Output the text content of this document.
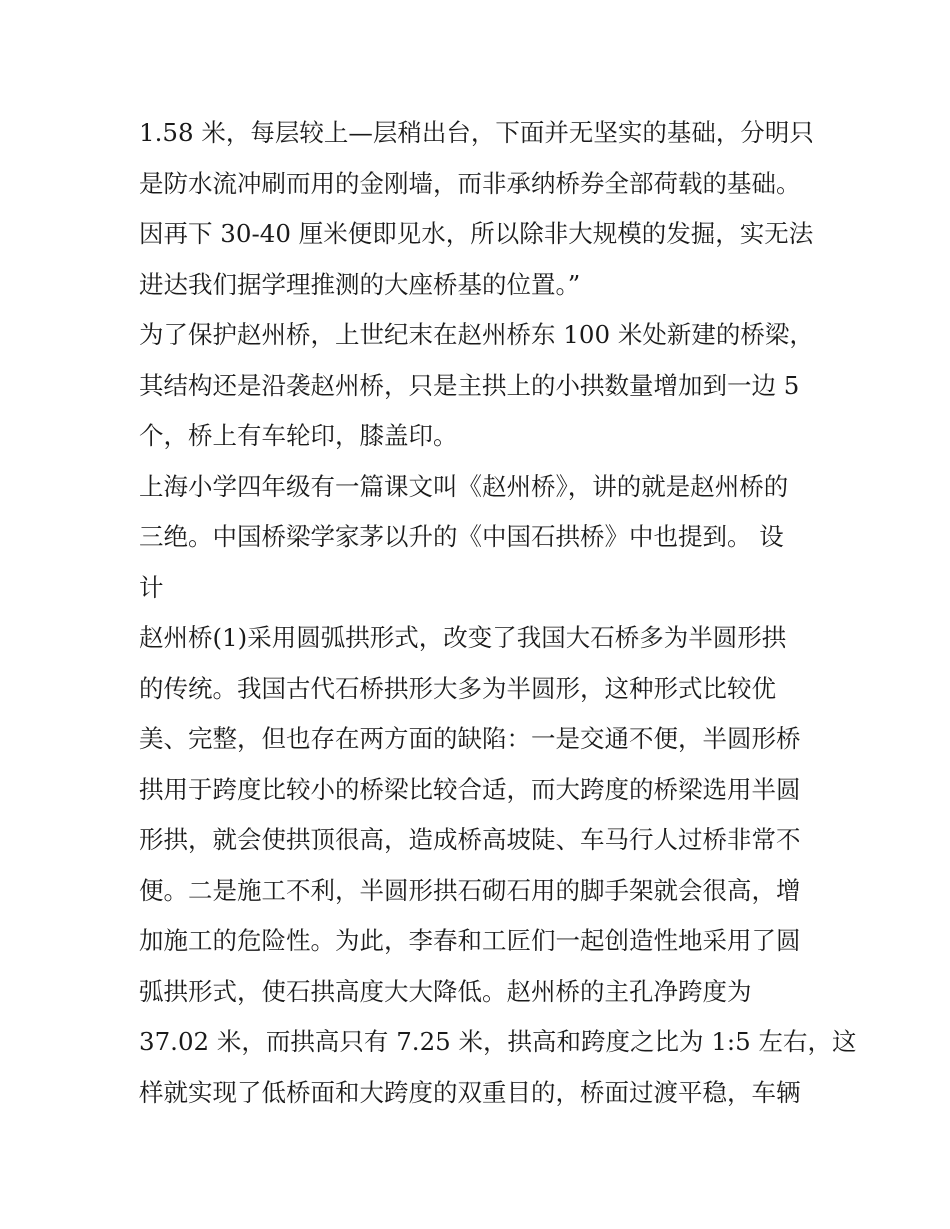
1.58 米，每层较上—层稍出台，下面并无坚实的基础，分明只
是防水流冲刷而用的金刚墙，而非承纳桥券全部荷载的基础。
因再下 30-40 厘米便即见水，所以除非大规模的发掘，实无法
进达我们据学理推测的大座桥基的位置。”
为了保护赵州桥，上世纪末在赵州桥东 100 米处新建的桥梁，
其结构还是沿袭赵州桥，只是主拱上的小拱数量增加到一边 5
个，桥上有车轮印，膝盖印。
上海小学四年级有一篇课文叫《赵州桥》，讲的就是赵州桥的
三绝。中国桥梁学家茅以升的《中国石拱桥》中也提到。 设
计
赵州桥(1)采用圆弧拱形式，改变了我国大石桥多为半圆形拱
的传统。我国古代石桥拱形大多为半圆形，这种形式比较优
美、完整，但也存在两方面的缺陷：一是交通不便，半圆形桥
拱用于跨度比较小的桥梁比较合适，而大跨度的桥梁选用半圆
形拱，就会使拱顶很高，造成桥高坡陡、车马行人过桥非常不
便。二是施工不利，半圆形拱石砌石用的脚手架就会很高，增
加施工的危险性。为此，李春和工匠们一起创造性地采用了圆
弧拱形式，使石拱高度大大降低。赵州桥的主孔净跨度为
37.02 米，而拱高只有 7.25 米，拱高和跨度之比为 1:5 左右，这
样就实现了低桥面和大跨度的双重目的，桥面过渡平稳，车辆
